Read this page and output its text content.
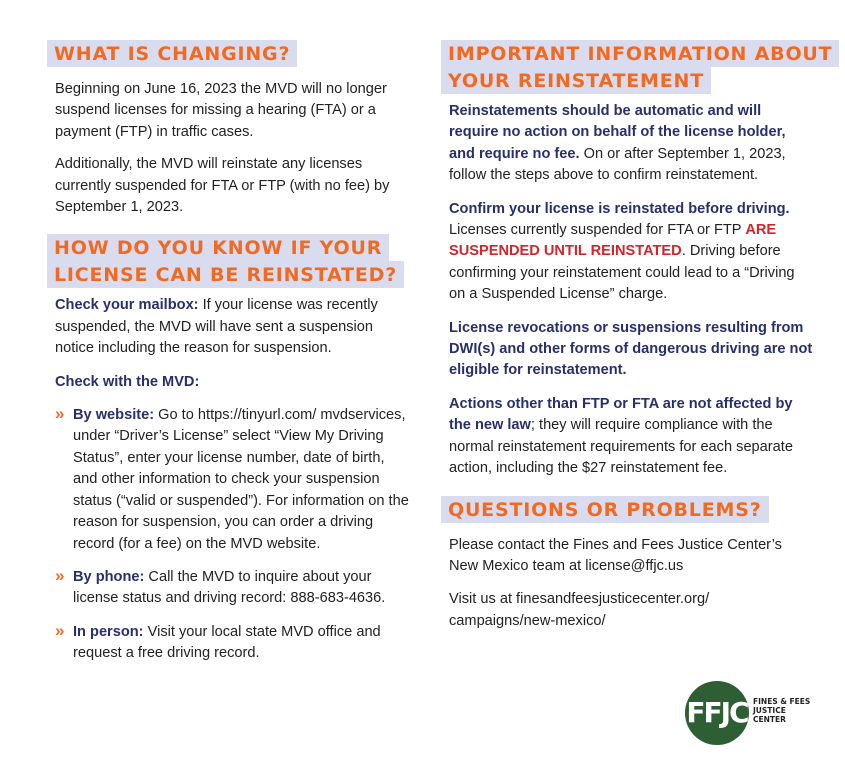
WHAT IS CHANGING?

Beginning on June 16, 2023 the MVD will no longer suspend licenses for missing a hearing (FTA) or a payment (FTP) in traffic cases.

Additionally, the MVD will reinstate any licenses currently suspended for FTA or FTP (with no fee) by September 1, 2023.

HOW DO YOU KNOW IF YOUR
LICENSE CAN BE REINSTATED?

Check your mailbox: If your license was recently suspended, the MVD will have sent a suspension notice including the reason for suspension.

Check with the MVD:

» By website: Go to https://tinyurl.com/ mvdservices, under “Driver’s License” select “View My Driving Status”, enter your license number, date of birth, and other information to check your suspension status (“valid or suspended”). For information on the reason for suspension, you can order a driving record (for a fee) on the MVD website.

» By phone: Call the MVD to inquire about your license status and driving record: 888-683-4636.

» In person: Visit your local state MVD office and request a free driving record.

IMPORTANT INFORMATION ABOUT
YOUR REINSTATEMENT

Reinstatements should be automatic and will require no action on behalf of the license holder, and require no fee. On or after September 1, 2023, follow the steps above to confirm reinstatement.

Confirm your license is reinstated before driving. Licenses currently suspended for FTA or FTP ARE SUSPENDED UNTIL REINSTATED. Driving before confirming your reinstatement could lead to a “Driving on a Suspended License” charge.

License revocations or suspensions resulting from DWI(s) and other forms of dangerous driving are not eligible for reinstatement.

Actions other than FTP or FTA are not affected by the new law; they will require compliance with the normal reinstatement requirements for each separate action, including the $27 reinstatement fee.

QUESTIONS OR PROBLEMS?

Please contact the Fines and Fees Justice Center’s New Mexico team at license@ffjc.us

Visit us at finesandfeesjusticecenter.org/
campaigns/new-mexico/

FFJC FINES & FEES
JUSTICE
CENTER
